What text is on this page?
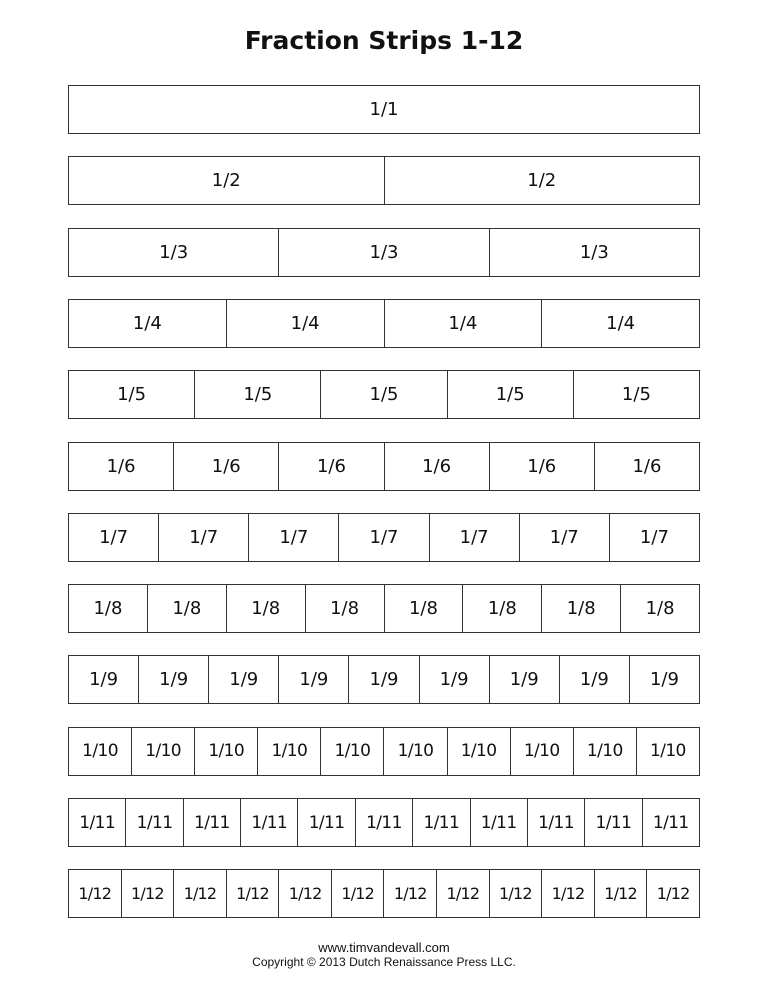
Fraction Strips 1-12
1/1
1/2	1/2
1/3	1/3	1/3
1/4	1/4	1/4	1/4
1/5	1/5	1/5	1/5	1/5
1/6	1/6	1/6	1/6	1/6	1/6
1/7	1/7	1/7	1/7	1/7	1/7	1/7
1/8	1/8	1/8	1/8	1/8	1/8	1/8	1/8
1/9	1/9	1/9	1/9	1/9	1/9	1/9	1/9	1/9
1/10	1/10	1/10	1/10	1/10	1/10	1/10	1/10	1/10	1/10
1/11	1/11	1/11	1/11	1/11	1/11	1/11	1/11	1/11	1/11	1/11
1/12	1/12	1/12	1/12	1/12	1/12	1/12	1/12	1/12	1/12	1/12	1/12
www.timvandevall.com
Copyright © 2013 Dutch Renaissance Press LLC.
